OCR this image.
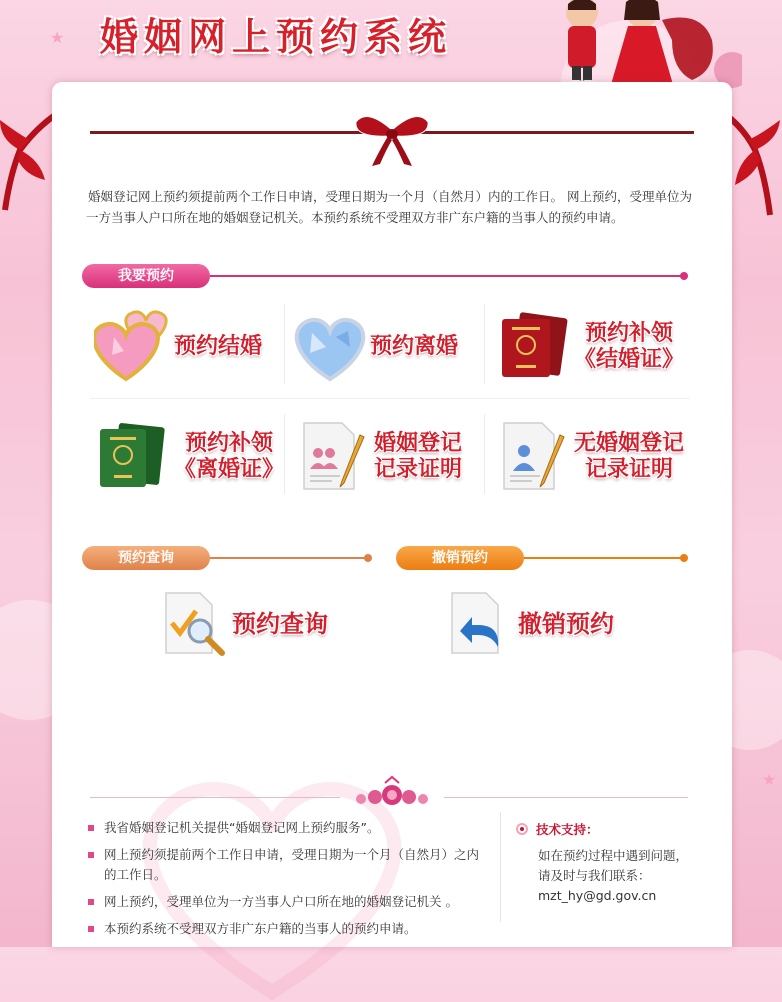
★
★
婚姻网上预约系统
婚姻登记网上预约须提前两个工作日申请，受理日期为一个月（自然月）内的工作日。 网上预约，受理单位为一方当事人户口所在地的婚姻登记机关。本预约系统不受理双方非广东户籍的当事人的预约申请。
我要预约
预约结婚	预约离婚	预约补领
《结婚证》
预约补领
《离婚证》
婚姻登记
记录证明
无婚姻登记
记录证明
预约查询	撤销预约
预约查询	撤销预约
我省婚姻登记机关提供“婚姻登记网上预约服务”。
网上预约须提前两个工作日申请，受理日期为一个月（自然月）之内的工作日。
网上预约，受理单位为一方当事人户口所在地的婚姻登记机关 。
本预约系统不受理双方非广东户籍的当事人的预约申请。
技术支持：
如在预约过程中遇到问题，请及时与我们联系：
mzt_hy@gd.gov.cn
